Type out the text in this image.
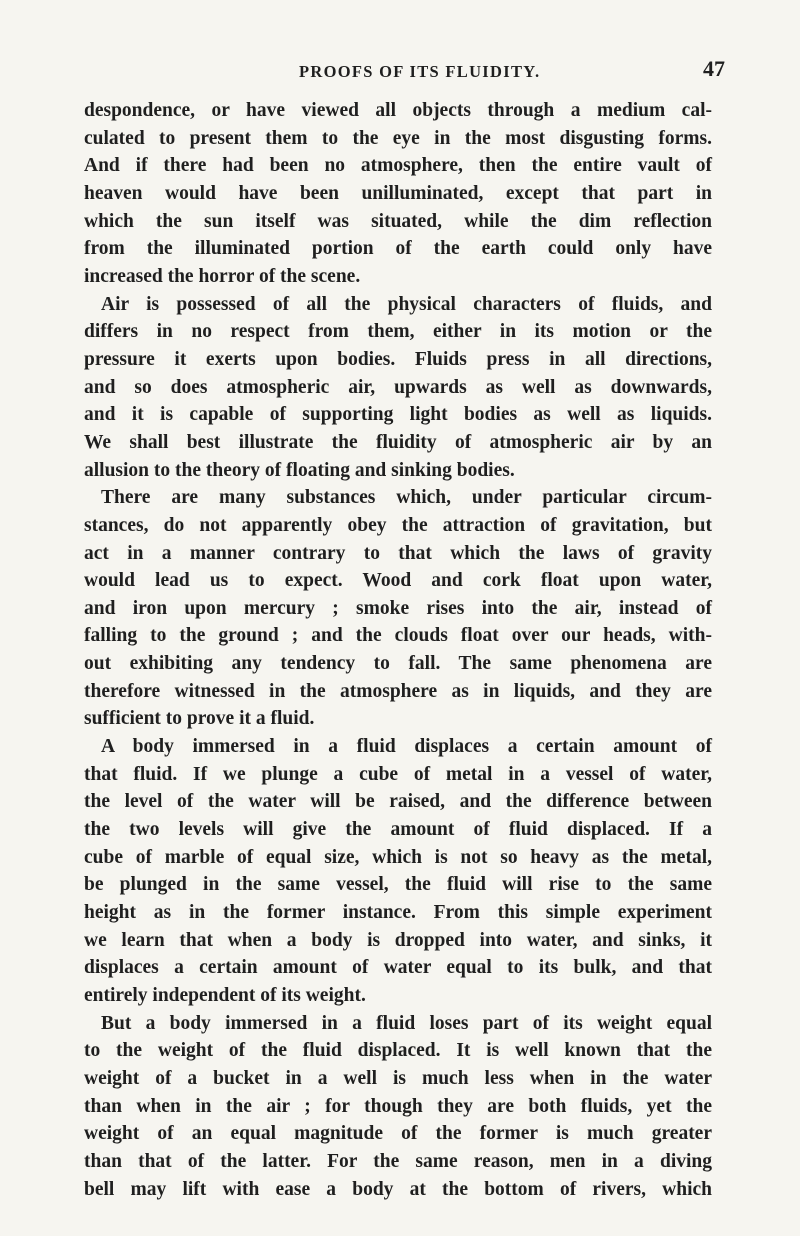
PROOFS OF ITS FLUIDITY.	47
despondence, or have viewed all objects through a medium cal-
culated to present them to the eye in the most disgusting forms.
And if there had been no atmosphere, then the entire vault of
heaven would have been unilluminated, except that part in
which the sun itself was situated, while the dim reflection
from the illuminated portion of the earth could only have
increased the horror of the scene.
Air is possessed of all the physical characters of fluids, and
differs in no respect from them, either in its motion or the
pressure it exerts upon bodies. Fluids press in all directions,
and so does atmospheric air, upwards as well as downwards,
and it is capable of supporting light bodies as well as liquids.
We shall best illustrate the fluidity of atmospheric air by an
allusion to the theory of floating and sinking bodies.
There are many substances which, under particular circum-
stances, do not apparently obey the attraction of gravitation, but
act in a manner contrary to that which the laws of gravity
would lead us to expect. Wood and cork float upon water,
and iron upon mercury ; smoke rises into the air, instead of
falling to the ground ; and the clouds float over our heads, with-
out exhibiting any tendency to fall. The same phenomena are
therefore witnessed in the atmosphere as in liquids, and they are
sufficient to prove it a fluid.
A body immersed in a fluid displaces a certain amount of
that fluid. If we plunge a cube of metal in a vessel of water,
the level of the water will be raised, and the difference between
the two levels will give the amount of fluid displaced. If a
cube of marble of equal size, which is not so heavy as the metal,
be plunged in the same vessel, the fluid will rise to the same
height as in the former instance. From this simple experiment
we learn that when a body is dropped into water, and sinks, it
displaces a certain amount of water equal to its bulk, and that
entirely independent of its weight.
But a body immersed in a fluid loses part of its weight equal
to the weight of the fluid displaced. It is well known that the
weight of a bucket in a well is much less when in the water
than when in the air ; for though they are both fluids, yet the
weight of an equal magnitude of the former is much greater
than that of the latter. For the same reason, men in a diving
bell may lift with ease a body at the bottom of rivers, which
